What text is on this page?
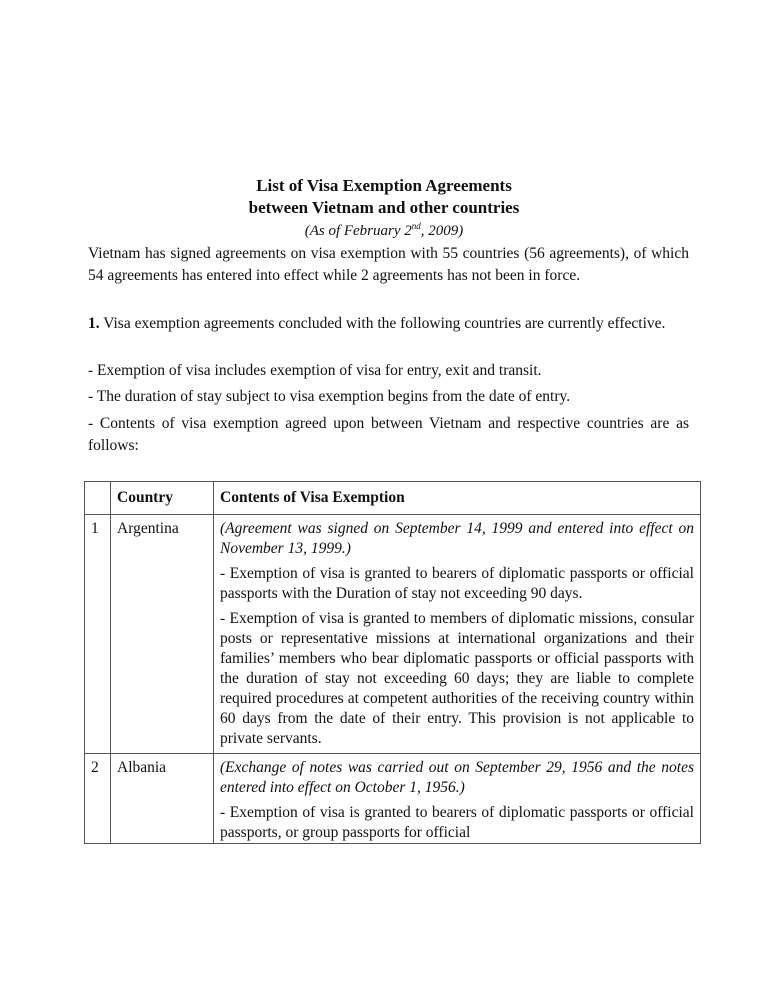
List of Visa Exemption Agreements
between Vietnam and other countries
(As of February 2nd, 2009)

Vietnam has signed agreements on visa exemption with 55 countries (56 agreements), of which 54 agreements has entered into effect while 2 agreements has not been in force.

1. Visa exemption agreements concluded with the following countries are currently effective.

- Exemption of visa includes exemption of visa for entry, exit and transit.

- The duration of stay subject to visa exemption begins from the date of entry.

- Contents of visa exemption agreed upon between Vietnam and respective countries are as follows:

	Country	Contents of Visa Exemption
1	Argentina	(Agreement was signed on September 14, 1999 and entered into effect on November 13, 1999.)

- Exemption of visa is granted to bearers of diplomatic passports or official passports with the Duration of stay not exceeding 90 days.

- Exemption of visa is granted to members of diplomatic missions, consular posts or representative missions at international organizations and their families’ members who bear diplomatic passports or official passports with the duration of stay not exceeding 60 days; they are liable to complete required procedures at competent authorities of the receiving country within 60 days from the date of their entry. This provision is not applicable to private servants.

2	Albania	(Exchange of notes was carried out on September 29, 1956 and the notes entered into effect on October 1, 1956.)

- Exemption of visa is granted to bearers of diplomatic passports or official passports, or group passports for official
